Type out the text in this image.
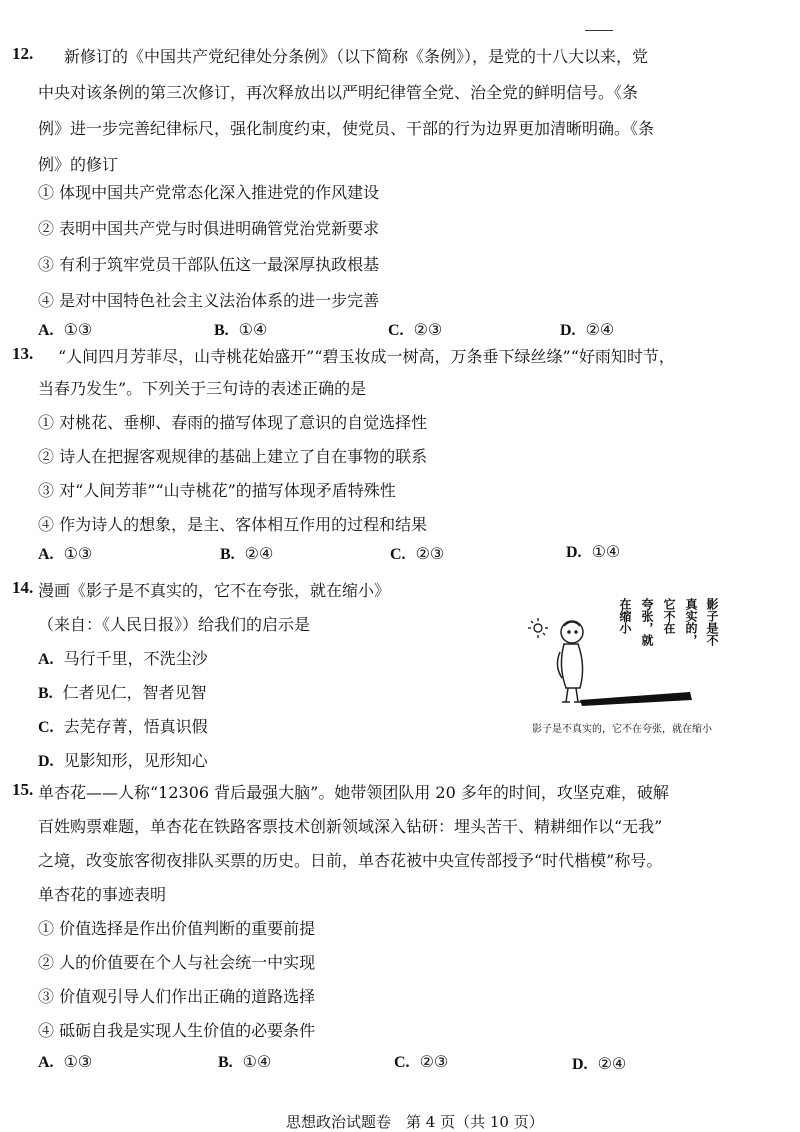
12. 新修订的《中国共产党纪律处分条例》（以下简称《条例》），是党的十八大以来，党
中央对该条例的第三次修订，再次释放出以严明纪律管全党、治全党的鲜明信号。《条
例》进一步完善纪律标尺，强化制度约束，使党员、干部的行为边界更加清晰明确。《条
例》的修订
① 体现中国共产党常态化深入推进党的作风建设
② 表明中国共产党与时俱进明确管党治党新要求
③ 有利于筑牢党员干部队伍这一最深厚执政根基
④ 是对中国特色社会主义法治体系的进一步完善
A. ①③	B. ①④	C. ②③	D. ②④
13. “人间四月芳菲尽，山寺桃花始盛开”“碧玉妆成一树高，万条垂下绿丝绦”“好雨知时节，
当春乃发生”。下列关于三句诗的表述正确的是
① 对桃花、垂柳、春雨的描写体现了意识的自觉选择性
② 诗人在把握客观规律的基础上建立了自在事物的联系
③ 对“人间芳菲”“山寺桃花”的描写体现矛盾特殊性
④ 作为诗人的想象，是主、客体相互作用的过程和结果
A. ①③	B. ②④	C. ②③	D. ①④
14. 漫画《影子是不真实的，它不在夸张，就在缩小》
（来自：《人民日报》）给我们的启示是
A. 马行千里，不洗尘沙
B. 仁者见仁，智者见智
C. 去芜存菁，悟真识假
D. 见影知形，见形知心
影子是不
真实的，
它不在
夸张，就
在缩小
影子是不真实的，它不在夸张，就在缩小
15. 单杏花——人称“12306 背后最强大脑”。她带领团队用 20 多年的时间，攻坚克难，破解
百姓购票难题，单杏花在铁路客票技术创新领域深入钻研：埋头苦干、精耕细作以“无我”
之境，改变旅客彻夜排队买票的历史。日前，单杏花被中央宣传部授予“时代楷模”称号。
单杏花的事迹表明
① 价值选择是作出价值判断的重要前提
② 人的价值要在个人与社会统一中实现
③ 价值观引导人们作出正确的道路选择
④ 砥砺自我是实现人生价值的必要条件
A. ①③	B. ①④	C. ②③	D. ②④
思想政治试题卷　第 4 页（共 10 页）
